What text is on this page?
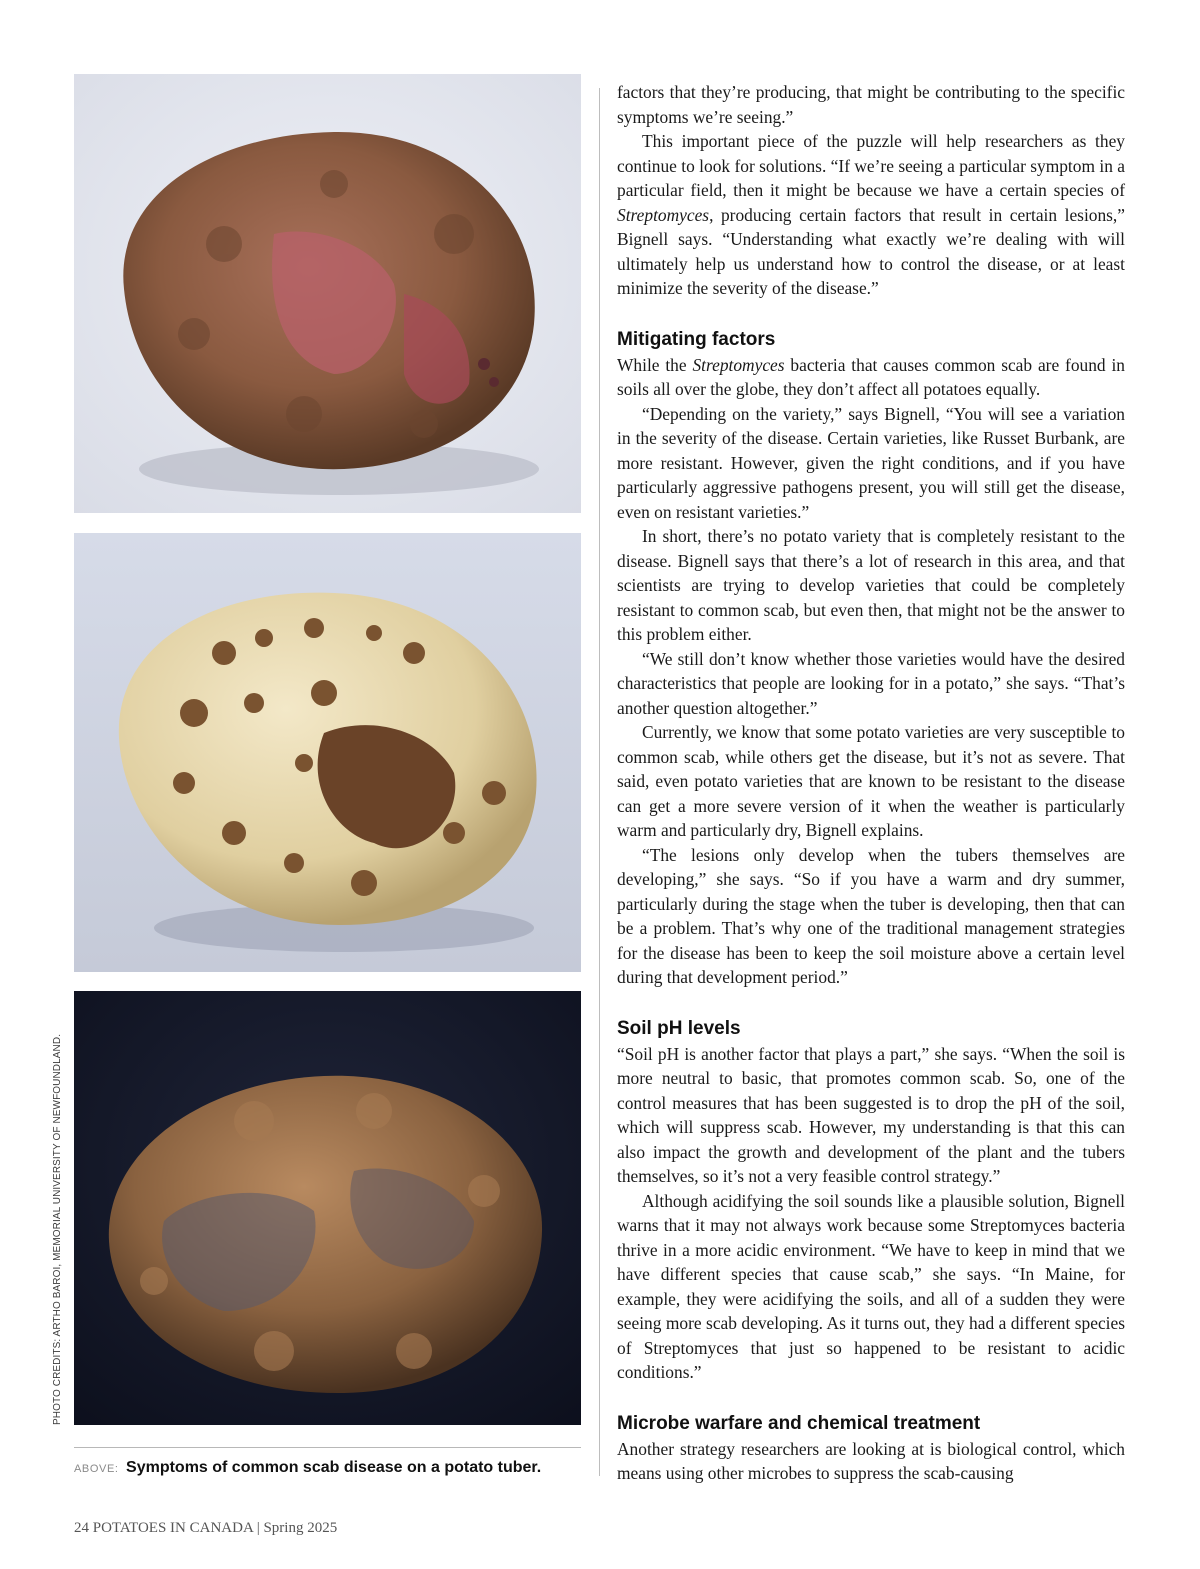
PHOTO CREDITS: ARTHO BAROI, MEMORIAL UNIVERSITY OF NEWFOUNDLAND.
ABOVE: Symptoms of common scab disease on a potato tuber.

factors that they’re producing, that might be contributing to the specific symptoms we’re seeing.”

This important piece of the puzzle will help researchers as they continue to look for solutions. “If we’re seeing a particular symptom in a particular field, then it might be because we have a certain species of Streptomyces, producing certain factors that result in certain lesions,” Bignell says. “Understanding what exactly we’re dealing with will ultimately help us understand how to control the disease, or at least minimize the severity of the disease.”

Mitigating factors

While the Streptomyces bacteria that causes common scab are found in soils all over the globe, they don’t affect all potatoes equally.

“Depending on the variety,” says Bignell, “You will see a variation in the severity of the disease. Certain varieties, like Russet Burbank, are more resistant. However, given the right conditions, and if you have particularly aggressive pathogens present, you will still get the disease, even on resistant varieties.”

In short, there’s no potato variety that is completely resistant to the disease. Bignell says that there’s a lot of research in this area, and that scientists are trying to develop varieties that could be completely resistant to common scab, but even then, that might not be the answer to this problem either.

“We still don’t know whether those varieties would have the desired characteristics that people are looking for in a potato,” she says. “That’s another question altogether.”

Currently, we know that some potato varieties are very susceptible to common scab, while others get the disease, but it’s not as severe. That said, even potato varieties that are known to be resistant to the disease can get a more severe version of it when the weather is particularly warm and particularly dry, Bignell explains.

“The lesions only develop when the tubers themselves are developing,” she says. “So if you have a warm and dry summer, particularly during the stage when the tuber is developing, then that can be a problem. That’s why one of the traditional management strategies for the disease has been to keep the soil moisture above a certain level during that development period.”

Soil pH levels

“Soil pH is another factor that plays a part,” she says. “When the soil is more neutral to basic, that promotes common scab. So, one of the control measures that has been suggested is to drop the pH of the soil, which will suppress scab. However, my understanding is that this can also impact the growth and development of the plant and the tubers themselves, so it’s not a very feasible control strategy.”

Although acidifying the soil sounds like a plausible solution, Bignell warns that it may not always work because some Streptomyces bacteria thrive in a more acidic environment. “We have to keep in mind that we have different species that cause scab,” she says. “In Maine, for example, they were acidifying the soils, and all of a sudden they were seeing more scab developing. As it turns out, they had a different species of Streptomyces that just so happened to be resistant to acidic conditions.”

Microbe warfare and chemical treatment

Another strategy researchers are looking at is biological control, which means using other microbes to suppress the scab-causing

24 POTATOES IN CANADA | Spring 2025
